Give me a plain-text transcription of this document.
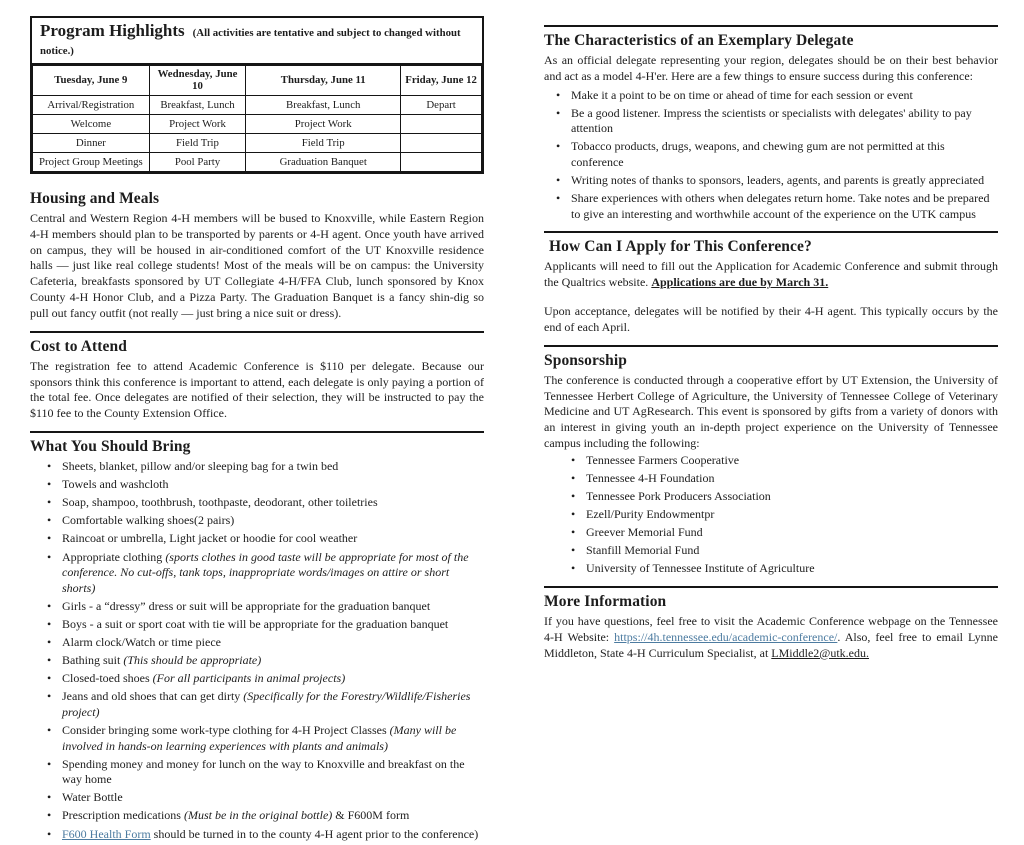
Program Highlights (All activities are tentative and subject to changed without notice.)
Tuesday, June 9	Wednesday, June 10	Thursday, June 11	Friday, June 12
Arrival/Registration	Breakfast, Lunch	Breakfast, Lunch	Depart
Welcome	Project Work	Project Work	
Dinner	Field Trip	Field Trip	
Project Group Meetings	Pool Party	Graduation Banquet	
Housing and Meals

Central and Western Region 4-H members will be bused to Knoxville, while Eastern Region 4-H members should plan to be transported by parents or 4-H agent. Once youth have arrived on campus, they will be housed in air-conditioned comfort of the UT Knoxville residence halls — just like real college students! Most of the meals will be on campus: the University Cafeteria, breakfasts sponsored by UT Collegiate 4-H/FFA Club, lunch sponsored by Knox County 4-H Honor Club, and a Pizza Party. The Graduation Banquet is a fancy shin-dig so pull out fancy outfit (not really — just bring a nice suit or dress).

Cost to Attend

The registration fee to attend Academic Conference is $110 per delegate. Because our sponsors think this conference is important to attend, each delegate is only paying a portion of the total fee. Once delegates are notified of their selection, they will be instructed to pay the $110 fee to the County Extension Office.

What You Should Bring
• Sheets, blanket, pillow and/or sleeping bag for a twin bed
• Towels and washcloth
• Soap, shampoo, toothbrush, toothpaste, deodorant, other toiletries
• Comfortable walking shoes(2 pairs)
• Raincoat or umbrella, Light jacket or hoodie for cool weather
• Appropriate clothing (sports clothes in good taste will be appropriate for most of the conference. No cut-offs, tank tops, inappropriate words/images on attire or short shorts)
• Girls - a “dressy” dress or suit will be appropriate for the graduation banquet
• Boys - a suit or sport coat with tie will be appropriate for the graduation banquet
• Alarm clock/Watch or time piece
• Bathing suit (This should be appropriate)
• Closed-toed shoes (For all participants in animal projects)
• Jeans and old shoes that can get dirty (Specifically for the Forestry/Wildlife/Fisheries project)
• Consider bringing some work-type clothing for 4-H Project Classes (Many will be involved in hands-on learning experiences with plants and animals)
• Spending money and money for lunch on the way to Knoxville and breakfast on the way home
• Water Bottle
• Prescription medications (Must be in the original bottle) & F600M form
• F600 Health Form should be turned in to the county 4-H agent prior to the conference)
The Characteristics of an Exemplary Delegate

As an official delegate representing your region, delegates should be on their best behavior and act as a model 4-H'er. Here are a few things to ensure success during this conference:

• Make it a point to be on time or ahead of time for each session or event
• Be a good listener. Impress the scientists or specialists with delegates' ability to pay attention
• Tobacco products, drugs, weapons, and chewing gum are not permitted at this conference
• Writing notes of thanks to sponsors, leaders, agents, and parents is greatly appreciated
• Share experiences with others when delegates return home. Take notes and be prepared to give an interesting and worthwhile account of the experience on the UTK campus
How Can I Apply for This Conference?

Applicants will need to fill out the Application for Academic Conference and submit through the Qualtrics website. Applications are due by March 31.

Upon acceptance, delegates will be notified by their 4-H agent. This typically occurs by the end of each April.

Sponsorship

The conference is conducted through a cooperative effort by UT Extension, the University of Tennessee Herbert College of Agriculture, the University of Tennessee College of Veterinary Medicine and UT AgResearch. This event is sponsored by gifts from a variety of donors with an interest in giving youth an in-depth project experience on the University of Tennessee campus including the following:

• Tennessee Farmers Cooperative
• Tennessee 4-H Foundation
• Tennessee Pork Producers Association
• Ezell/Purity Endowmentpr
• Greever Memorial Fund
• Stanfill Memorial Fund
• University of Tennessee Institute of Agriculture
More Information

If you have questions, feel free to visit the Academic Conference webpage on the Tennessee 4-H Website: https://4h.tennessee.edu/academic-conference/. Also, feel free to email Lynne Middleton, State 4-H Curriculum Specialist, at LMiddle2@utk.edu.
